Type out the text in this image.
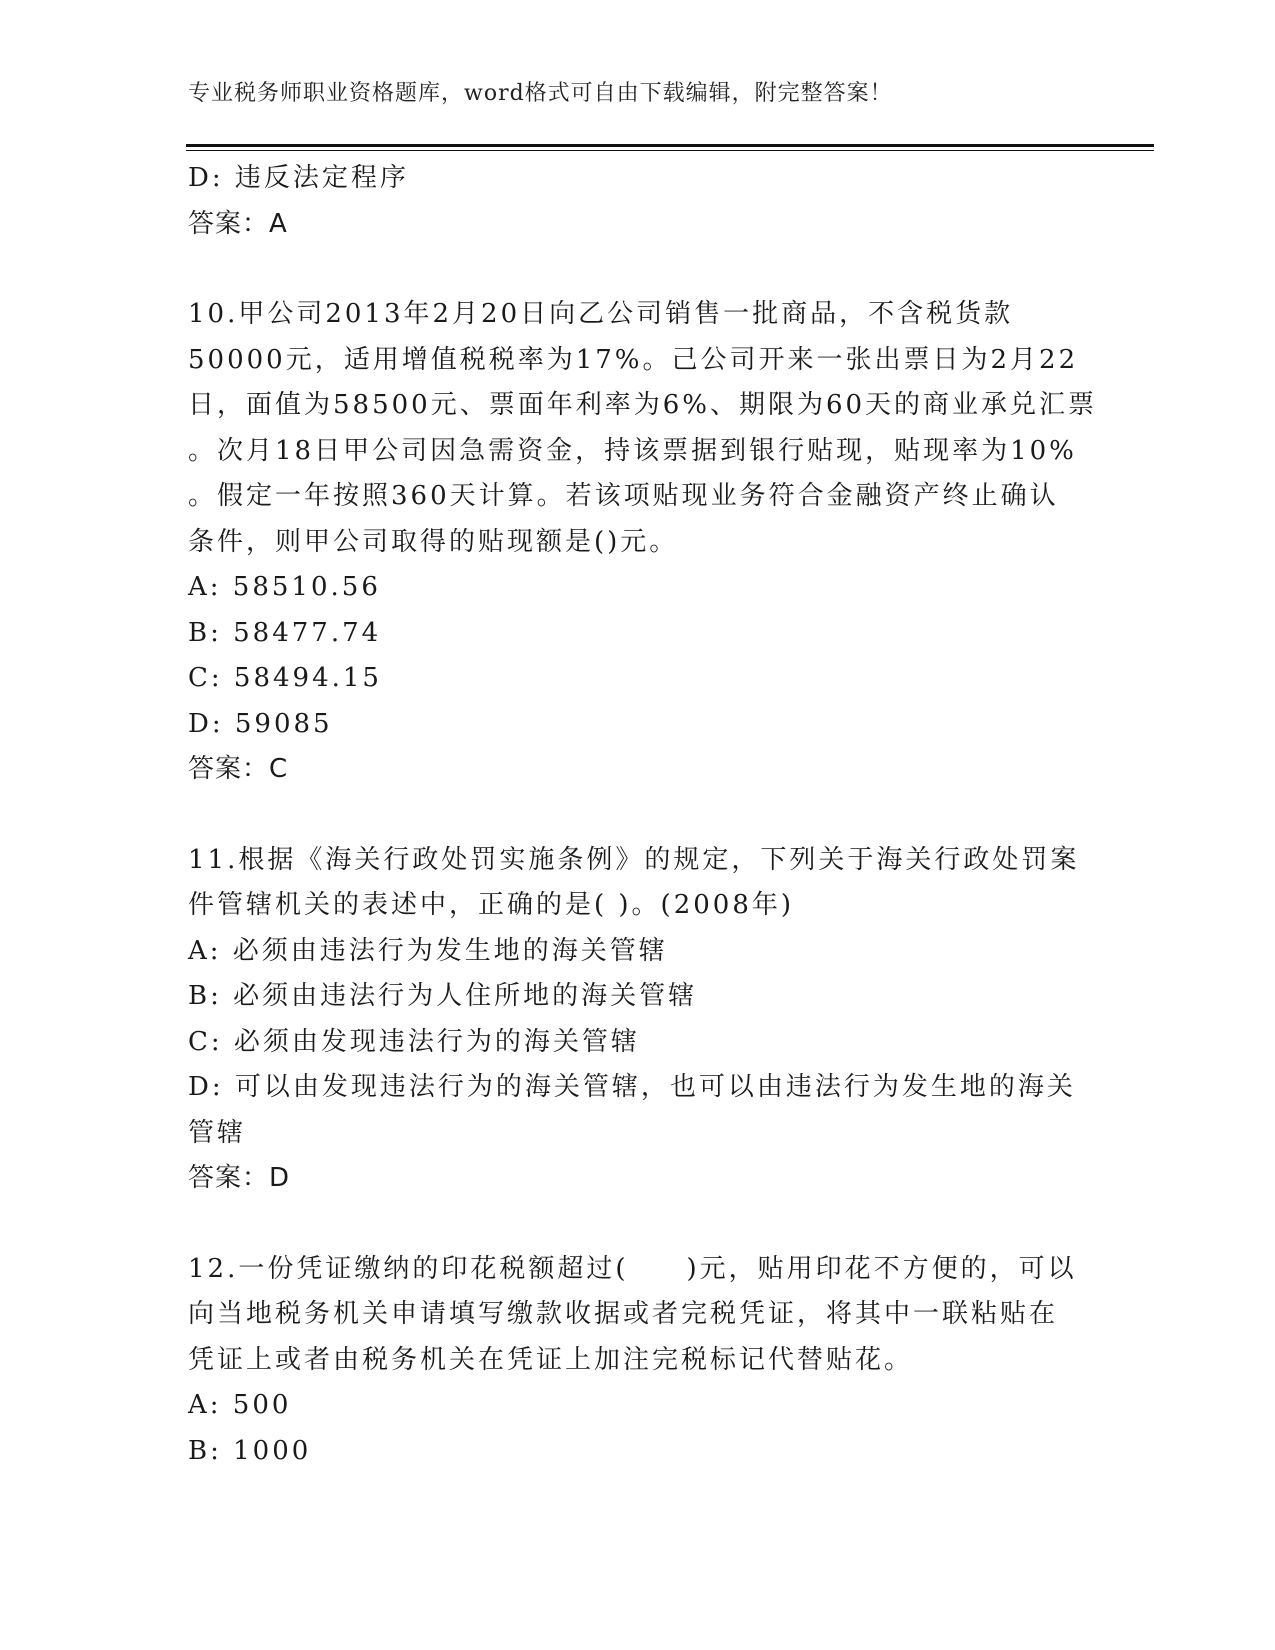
专业税务师职业资格题库，word格式可自由下载编辑，附完整答案！
D: 违反法定程序
答案：A
10.甲公司2013年2月20日向乙公司销售一批商品，不含税货款
50000元，适用增值税税率为17%。己公司开来一张出票日为2月22
日，面值为58500元、票面年利率为6%、期限为60天的商业承兑汇票
。次月18日甲公司因急需资金，持该票据到银行贴现，贴现率为10%
。假定一年按照360天计算。若该项贴现业务符合金融资产终止确认
条件，则甲公司取得的贴现额是()元。
A: 58510.56
B: 58477.74
C: 58494.15
D: 59085
答案：C
11.根据《海关行政处罚实施条例》的规定，下列关于海关行政处罚案
件管辖机关的表述中，正确的是( )。(2008年)
A: 必须由违法行为发生地的海关管辖
B: 必须由违法行为人住所地的海关管辖
C: 必须由发现违法行为的海关管辖
D: 可以由发现违法行为的海关管辖，也可以由违法行为发生地的海关
管辖
答案：D
12.一份凭证缴纳的印花税额超过(　　)元，贴用印花不方便的，可以
向当地税务机关申请填写缴款收据或者完税凭证，将其中一联粘贴在
凭证上或者由税务机关在凭证上加注完税标记代替贴花。
A: 500
B: 1000
